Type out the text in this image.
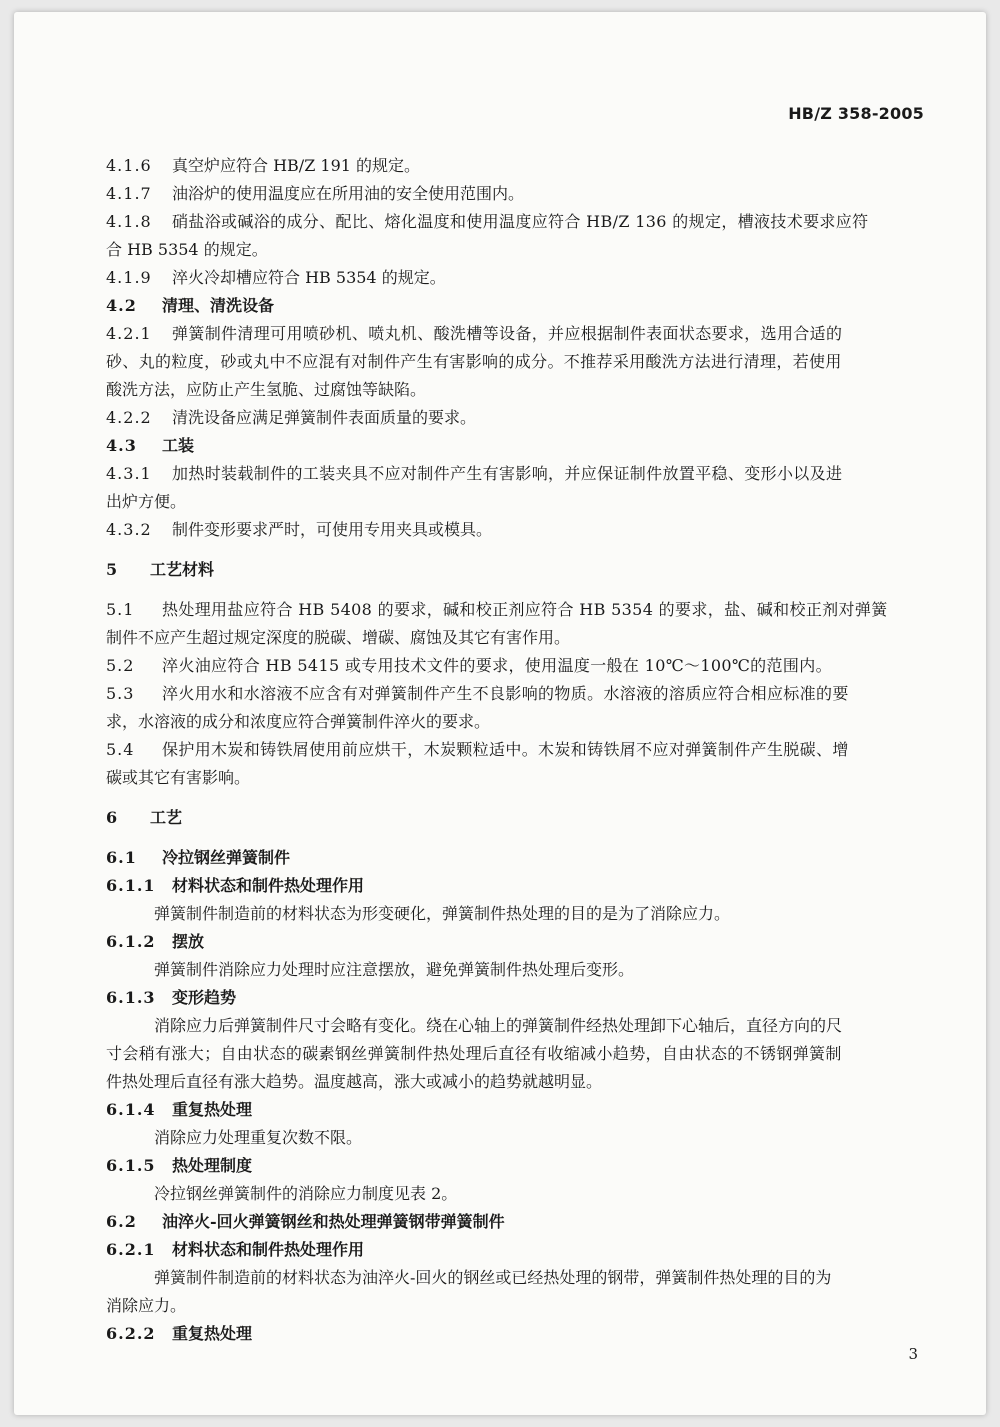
HB/Z 358-2005
4.1.6 真空炉应符合 HB/Z 191 的规定。
4.1.7 油浴炉的使用温度应在所用油的安全使用范围内。
4.1.8 硝盐浴或碱浴的成分、配比、熔化温度和使用温度应符合 HB/Z 136 的规定，槽液技术要求应符
合 HB 5354 的规定。
4.1.9 淬火冷却槽应符合 HB 5354 的规定。
4.2 清理、清洗设备
4.2.1 弹簧制件清理可用喷砂机、喷丸机、酸洗槽等设备，并应根据制件表面状态要求，选用合适的
砂、丸的粒度，砂或丸中不应混有对制件产生有害影响的成分。不推荐采用酸洗方法进行清理，若使用
酸洗方法，应防止产生氢脆、过腐蚀等缺陷。
4.2.2 清洗设备应满足弹簧制件表面质量的要求。
4.3 工装
4.3.1 加热时装载制件的工装夹具不应对制件产生有害影响，并应保证制件放置平稳、变形小以及进
出炉方便。
4.3.2 制件变形要求严时，可使用专用夹具或模具。
5 工艺材料
5.1 热处理用盐应符合 HB 5408 的要求，碱和校正剂应符合 HB 5354 的要求，盐、碱和校正剂对弹簧
制件不应产生超过规定深度的脱碳、增碳、腐蚀及其它有害作用。
5.2 淬火油应符合 HB 5415 或专用技术文件的要求，使用温度一般在 10℃～100℃的范围内。
5.3 淬火用水和水溶液不应含有对弹簧制件产生不良影响的物质。水溶液的溶质应符合相应标准的要
求，水溶液的成分和浓度应符合弹簧制件淬火的要求。
5.4 保护用木炭和铸铁屑使用前应烘干，木炭颗粒适中。木炭和铸铁屑不应对弹簧制件产生脱碳、增
碳或其它有害影响。
6 工艺
6.1 冷拉钢丝弹簧制件
6.1.1 材料状态和制件热处理作用
弹簧制件制造前的材料状态为形变硬化，弹簧制件热处理的目的是为了消除应力。
6.1.2 摆放
弹簧制件消除应力处理时应注意摆放，避免弹簧制件热处理后变形。
6.1.3 变形趋势
消除应力后弹簧制件尺寸会略有变化。绕在心轴上的弹簧制件经热处理卸下心轴后，直径方向的尺
寸会稍有涨大；自由状态的碳素钢丝弹簧制件热处理后直径有收缩减小趋势，自由状态的不锈钢弹簧制
件热处理后直径有涨大趋势。温度越高，涨大或减小的趋势就越明显。
6.1.4 重复热处理
消除应力处理重复次数不限。
6.1.5 热处理制度
冷拉钢丝弹簧制件的消除应力制度见表 2。
6.2 油淬火-回火弹簧钢丝和热处理弹簧钢带弹簧制件
6.2.1 材料状态和制件热处理作用
弹簧制件制造前的材料状态为油淬火-回火的钢丝或已经热处理的钢带，弹簧制件热处理的目的为
消除应力。
6.2.2 重复热处理
3
